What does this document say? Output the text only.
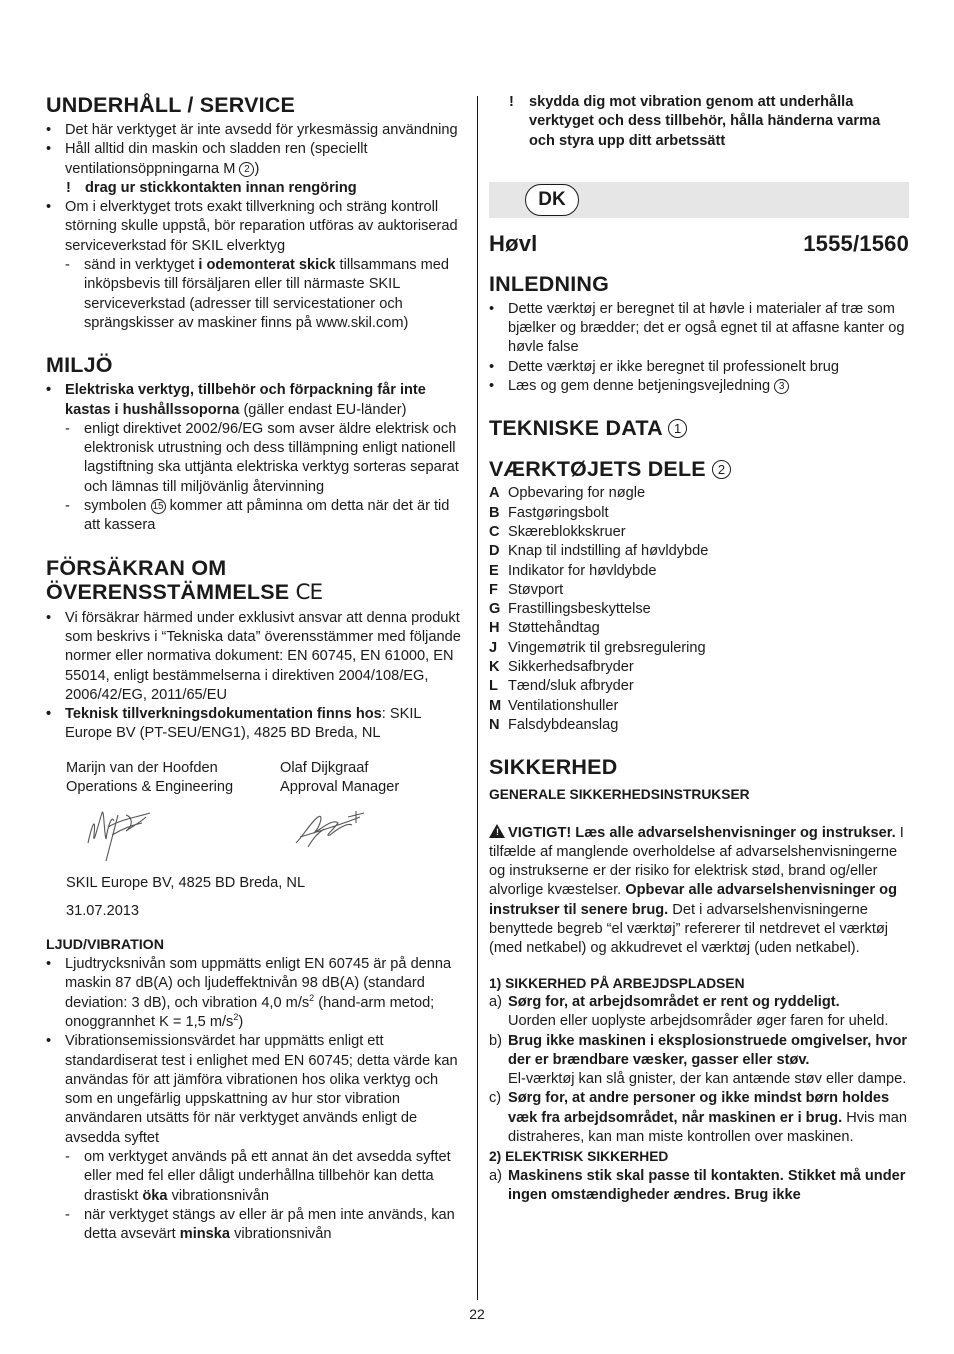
UNDERHÅLL / SERVICE
• Det här verktyget är inte avsedd för yrkesmässig användning
• Håll alltid din maskin och sladden ren (speciellt ventilationsöppningarna M 2 )
! drag ur stickkontakten innan rengöring
• Om i elverktyget trots exakt tillverkning och sträng kontroll störning skulle uppstå, bör reparation utföras av auktoriserad serviceverkstad för SKIL elverktyg
- sänd in verktyget i odemonterat skick tillsammans med inköpsbevis till försäljaren eller till närmaste SKIL serviceverkstad (adresser till servicestationer och sprängskisser av maskiner finns på www.skil.com)
MILJÖ
• Elektriska verktyg, tillbehör och förpackning får inte kastas i hushållssoporna (gäller endast EU-länder)
- enligt direktivet 2002/96/EG som avser äldre elektrisk och elektronisk utrustning och dess tillämpning enligt nationell lagstiftning ska uttjänta elektriska verktyg sorteras separat och lämnas till miljövänlig återvinning
- symbolen 15 kommer att påminna om detta när det är tid att kassera
FÖRSÄKRAN OM
ÖVERENSSTÄMMELSE CE
• Vi försäkrar härmed under exklusivt ansvar att denna produkt som beskrivs i “Tekniska data” överensstämmer med följande normer eller normativa dokument: EN 60745, EN 61000, EN 55014, enligt bestämmelserna i direktiven 2004/108/EG, 2006/42/EG, 2011/65/EU
• Teknisk tillverkningsdokumentation finns hos: SKIL Europe BV (PT-SEU/ENG1), 4825 BD Breda, NL
Marijn van der Hoofden
Operations & Engineering
Olaf Dijkgraaf
Approval Manager
SKIL Europe BV, 4825 BD Breda, NL
31.07.2013
LJUD/VIBRATION
• Ljudtrycksnivån som uppmätts enligt EN 60745 är på denna maskin 87 dB(A) och ljudeffektnivån 98 dB(A) (standard deviation: 3 dB), och vibration 4,0 $m/s^2$ (hand-arm metod; onoggrannhet K = 1,5 $m/s^2$)
• Vibrationsemissionsvärdet har uppmätts enligt ett standardiserat test i enlighet med EN 60745; detta värde kan användas för att jämföra vibrationen hos olika verktyg och som en ungefärlig uppskattning av hur stor vibration användaren utsätts för när verktyget används enligt de avsedda syftet
- om verktyget används på ett annat än det avsedda syftet eller med fel eller dåligt underhållna tillbehör kan detta drastiskt öka vibrationsnivån
- när verktyget stängs av eller är på men inte används, kan detta avsevärt minska vibrationsnivån
! skydda dig mot vibration genom att underhålla verktyget och dess tillbehör, hålla händerna varma och styra upp ditt arbetssätt
DK
Høvl	1555/1560
INLEDNING
• Dette værktøj er beregnet til at høvle i materialer af træ som bjælker og brædder; det er også egnet til at affasne kanter og høvle false
• Dette værktøj er ikke beregnet til professionelt brug
• Læs og gem denne betjeningsvejledning 3
TEKNISKE DATA 1
VÆRKTØJETS DELE 2
A Opbevaring for nøgle
B Fastgøringsbolt
C Skæreblokkskruer
D Knap til indstilling af høvldybde
E Indikator for høvldybde
F Støvport
G Frastillingsbeskyttelse
H Støttehåndtag
J Vingemøtrik til grebsregulering
K Sikkerhedsafbryder
L Tænd/sluk afbryder
M Ventilationshuller
N Falsdybdeanslag
SIKKERHED
GENERALE SIKKERHEDSINSTRUKSER
! VIGTIGT! Læs alle advarselshenvisninger og instrukser. I tilfælde af manglende overholdelse af advarselshenvisningerne og instrukserne er der risiko for elektrisk stød, brand og/eller alvorlige kvæstelser. Opbevar alle advarselshenvisninger og instrukser til senere brug. Det i advarselshenvisningerne benyttede begreb “el værktøj” refererer til netdrevet el værktøj (med netkabel) og akkudrevet el værktøj (uden netkabel).
1) SIKKERHED PÅ ARBEJDSPLADSEN
a) Sørg for, at arbejdsområdet er rent og ryddeligt.
Uorden eller uoplyste arbejdsområder øger faren for uheld.
b) Brug ikke maskinen i eksplosionstruede omgivelser, hvor der er brændbare væsker, gasser eller støv.
El-værktøj kan slå gnister, der kan antænde støv eller dampe.
c) Sørg for, at andre personer og ikke mindst børn holdes væk fra arbejdsområdet, når maskinen er i brug. Hvis man distraheres, kan man miste kontrollen over maskinen.
2) ELEKTRISK SIKKERHED
a) Maskinens stik skal passe til kontakten. Stikket må under ingen omstændigheder ændres. Brug ikke
22
